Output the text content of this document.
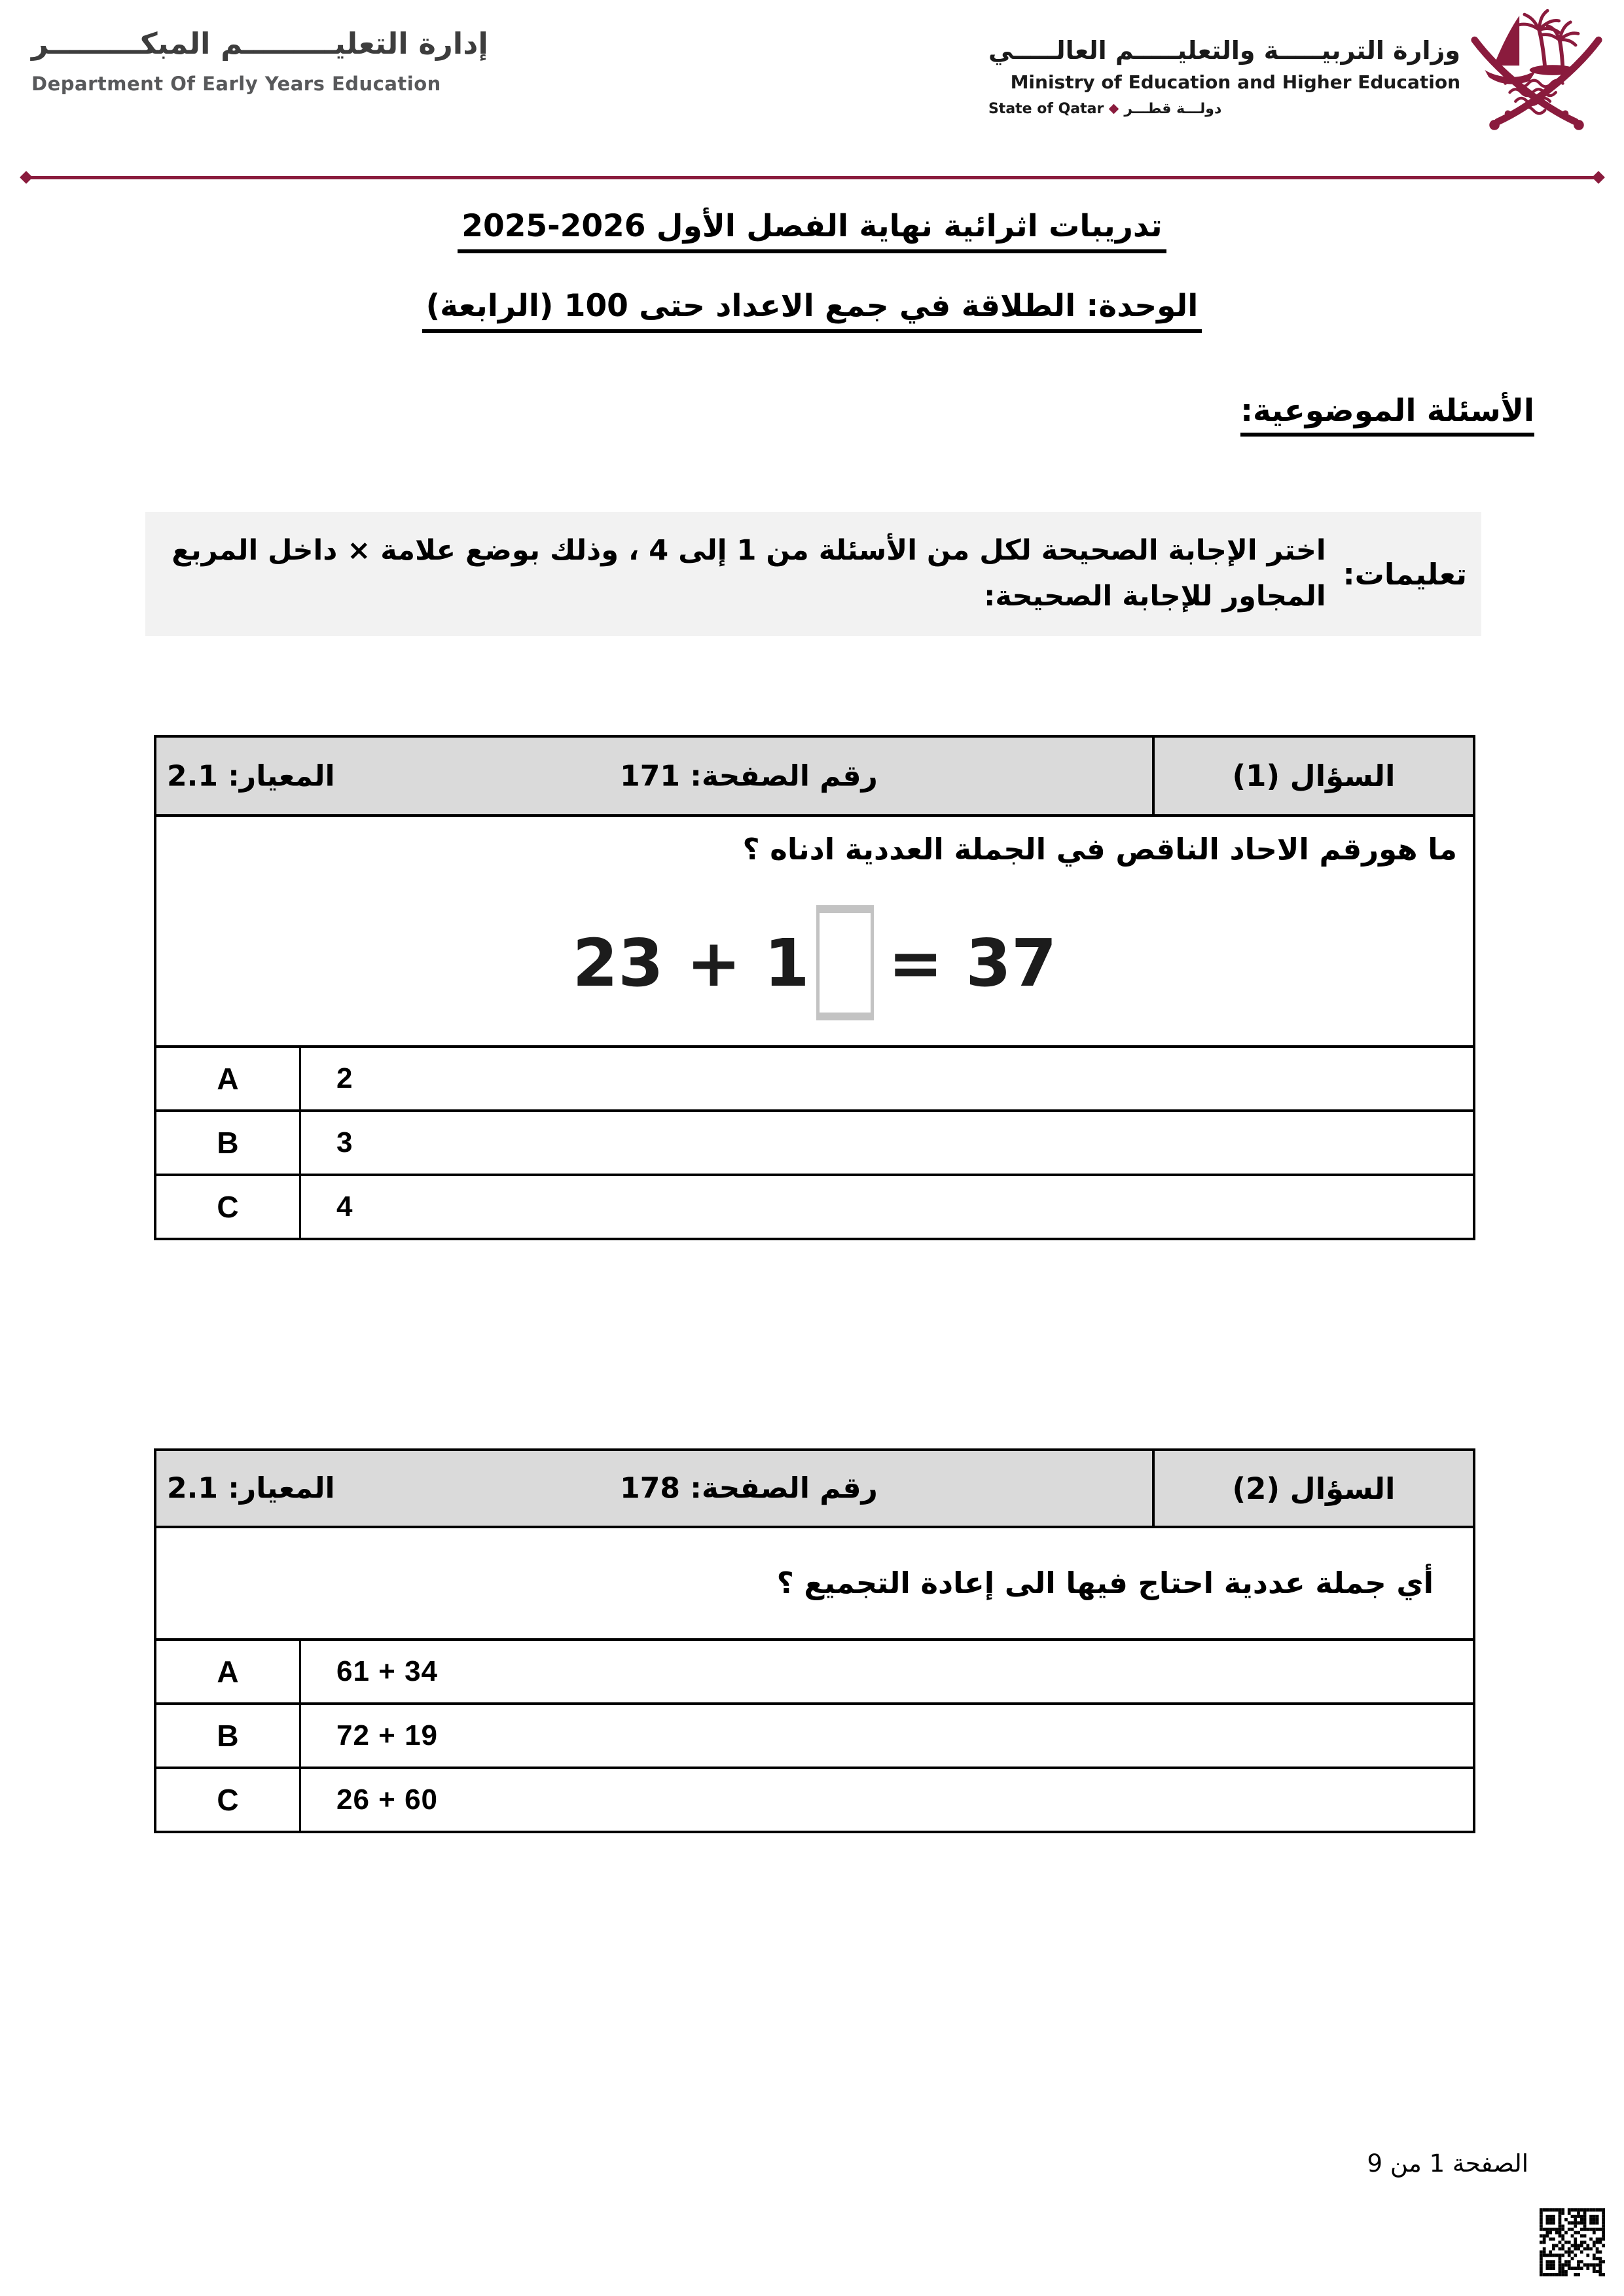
إدارة التعليـــــــــم المبكـــــــــر
Department Of Early Years Education
وزارة التربيـــــة والتعليـــــم العالـــــي
Ministry of Education and Higher Education
دولـــة قطـــر
State of Qatar
تدريبات اثرائية نهاية الفصل الأول 2026-2025
الوحدة: الطلاقة في جمع الاعداد حتى 100 (الرابعة)
الأسئلة الموضوعية:
تعليمات:
اختر الإجابة الصحيحة لكل من الأسئلة من 1 إلى 4 ، وذلك بوضع علامة × داخل المربع المجاور للإجابة الصحيحة:
المعيار: 2.1	رقم الصفحة: 171	السؤال (1)
ما هورقم الاحاد الناقص في الجملة العددية ادناه ؟
23 + 1 = 37
A	2
B	3
C	4
المعيار: 2.1	رقم الصفحة: 178	السؤال (2)
أي جملة عددية احتاج فيها الى إعادة التجميع ؟
A	61 + 34
B	72 + 19
C	26 + 60
الصفحة 1 من 9
